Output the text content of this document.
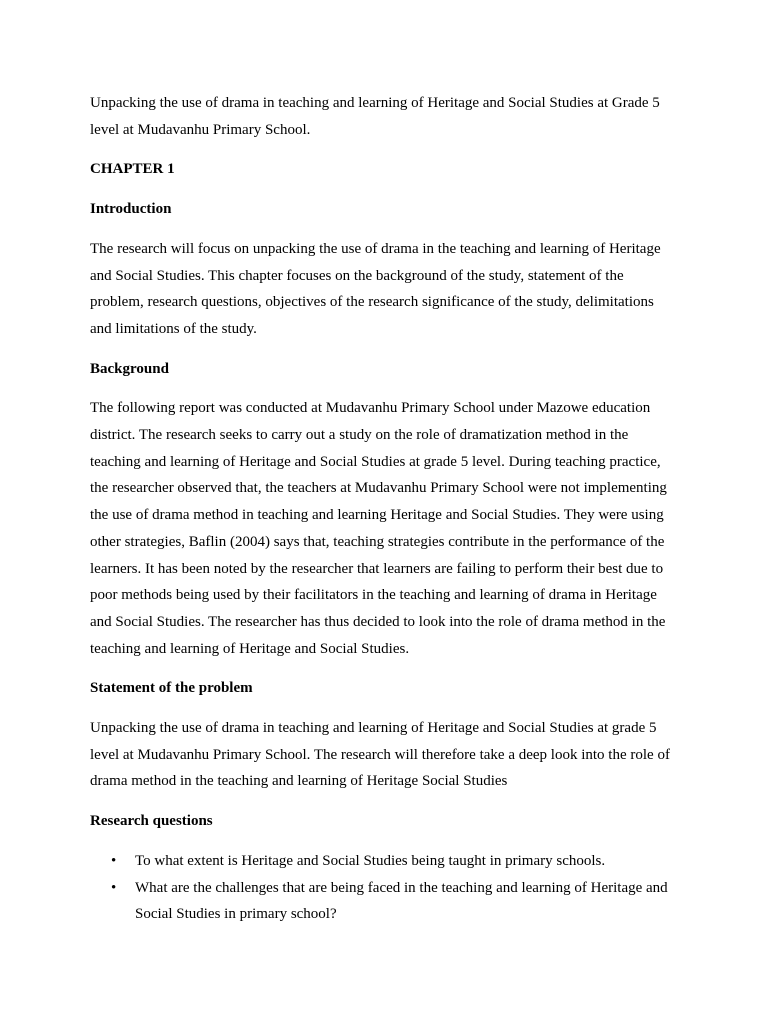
Unpacking the use of drama in teaching and learning of Heritage and Social Studies at Grade 5 level at Mudavanhu Primary School.

CHAPTER 1

Introduction

The research will focus on unpacking the use of drama in the teaching and learning of Heritage and Social Studies. This chapter focuses on the background of the study, statement of the problem, research questions, objectives of the research significance of the study, delimitations and limitations of the study.

Background

The following report was conducted at Mudavanhu Primary School under Mazowe education district. The research seeks to carry out a study on the role of dramatization method in the teaching and learning of Heritage and Social Studies at grade 5 level. During teaching practice, the researcher observed that, the teachers at Mudavanhu Primary School were not implementing the use of drama method in teaching and learning Heritage and Social Studies. They were using other strategies, Baflin (2004) says that, teaching strategies contribute in the performance of the learners. It has been noted by the researcher that learners are failing to perform their best due to poor methods being used by their facilitators in the teaching and learning of drama in Heritage and Social Studies. The researcher has thus decided to look into the role of drama method in the teaching and learning of Heritage and Social Studies.

Statement of the problem

Unpacking the use of drama in teaching and learning of Heritage and Social Studies at grade 5 level at Mudavanhu Primary School. The research will therefore take a deep look into the role of drama method in the teaching and learning of Heritage Social Studies

Research questions

• To what extent is Heritage and Social Studies being taught in primary schools.
• What are the challenges that are being faced in the teaching and learning of Heritage and Social Studies in primary school?
